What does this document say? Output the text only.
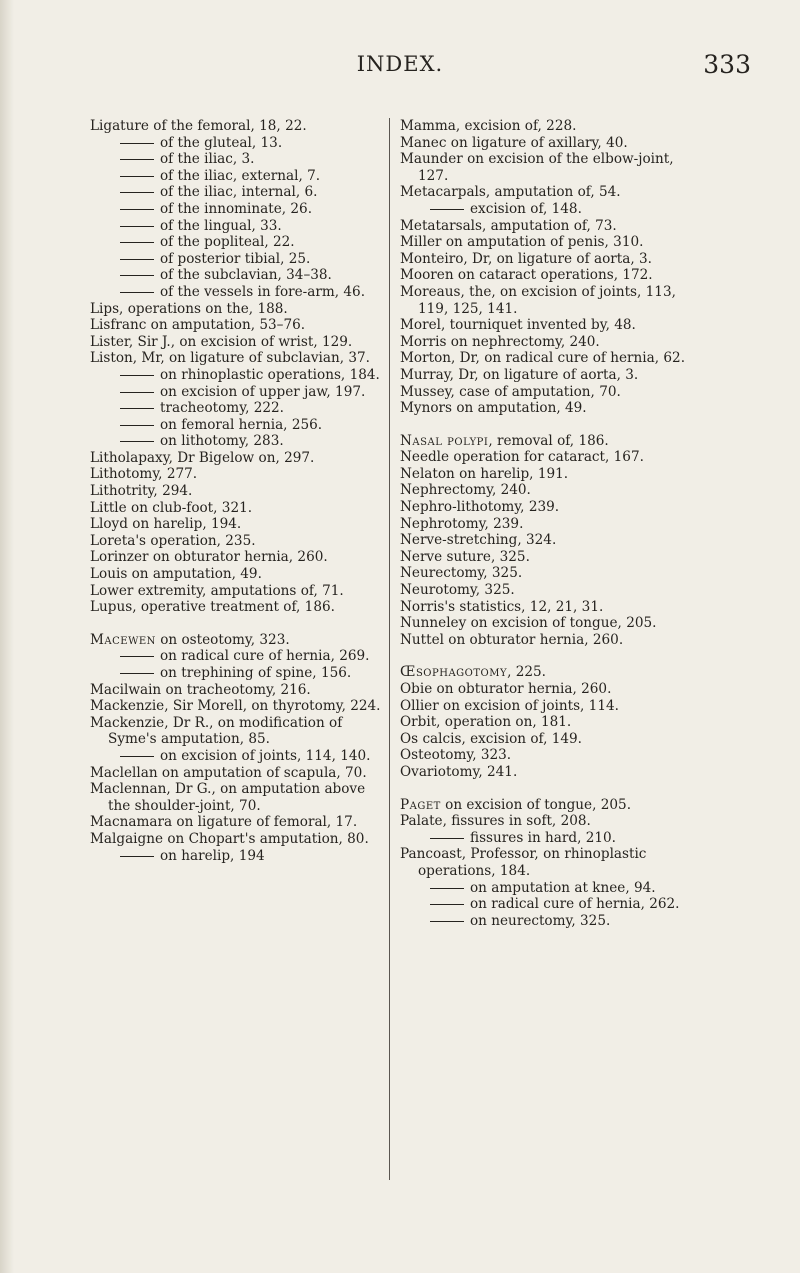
INDEX.	333

Ligature of the femoral, 18, 22.

of the gluteal, 13.

of the iliac, 3.

of the iliac, external, 7.

of the iliac, internal, 6.

of the innominate, 26.

of the lingual, 33.

of the popliteal, 22.

of posterior tibial, 25.

of the subclavian, 34–38.

of the vessels in fore-arm, 46.

Lips, operations on the, 188.

Lisfranc on amputation, 53–76.

Lister, Sir J., on excision of wrist, 129.

Liston, Mr, on ligature of subclavian, 37.

on rhinoplastic operations, 184.

on excision of upper jaw, 197.

tracheotomy, 222.

on femoral hernia, 256.

on lithotomy, 283.

Litholapaxy, Dr Bigelow on, 297.

Lithotomy, 277.

Lithotrity, 294.

Little on club-foot, 321.

Lloyd on harelip, 194.

Loreta's operation, 235.

Lorinzer on obturator hernia, 260.

Louis on amputation, 49.

Lower extremity, amputations of, 71.

Lupus, operative treatment of, 186.

Macewen on osteotomy, 323.

on radical cure of hernia, 269.

on trephining of spine, 156.

Macilwain on tracheotomy, 216.

Mackenzie, Sir Morell, on thyrotomy, 224.

Mackenzie, Dr R., on modification of Syme's amputation, 85.

on excision of joints, 114, 140.

Maclellan on amputation of scapula, 70.

Maclennan, Dr G., on amputation above the shoulder-joint, 70.

Macnamara on ligature of femoral, 17.

Malgaigne on Chopart's amputation, 80.

on harelip, 194

Mamma, excision of, 228.

Manec on ligature of axillary, 40.

Maunder on excision of the elbow-joint, 127.

Metacarpals, amputation of, 54.

excision of, 148.

Metatarsals, amputation of, 73.

Miller on amputation of penis, 310.

Monteiro, Dr, on ligature of aorta, 3.

Mooren on cataract operations, 172.

Moreaus, the, on excision of joints, 113, 119, 125, 141.

Morel, tourniquet invented by, 48.

Morris on nephrectomy, 240.

Morton, Dr, on radical cure of hernia, 62.

Murray, Dr, on ligature of aorta, 3.

Mussey, case of amputation, 70.

Mynors on amputation, 49.

Nasal polypi, removal of, 186.

Needle operation for cataract, 167.

Nelaton on harelip, 191.

Nephrectomy, 240.

Nephro-lithotomy, 239.

Nephrotomy, 239.

Nerve-stretching, 324.

Nerve suture, 325.

Neurectomy, 325.

Neurotomy, 325.

Norris's statistics, 12, 21, 31.

Nunneley on excision of tongue, 205.

Nuttel on obturator hernia, 260.

Œsophagotomy, 225.

Obie on obturator hernia, 260.

Ollier on excision of joints, 114.

Orbit, operation on, 181.

Os calcis, excision of, 149.

Osteotomy, 323.

Ovariotomy, 241.

Paget on excision of tongue, 205.

Palate, fissures in soft, 208.

fissures in hard, 210.

Pancoast, Professor, on rhinoplastic operations, 184.

on amputation at knee, 94.

on radical cure of hernia, 262.

on neurectomy, 325.
